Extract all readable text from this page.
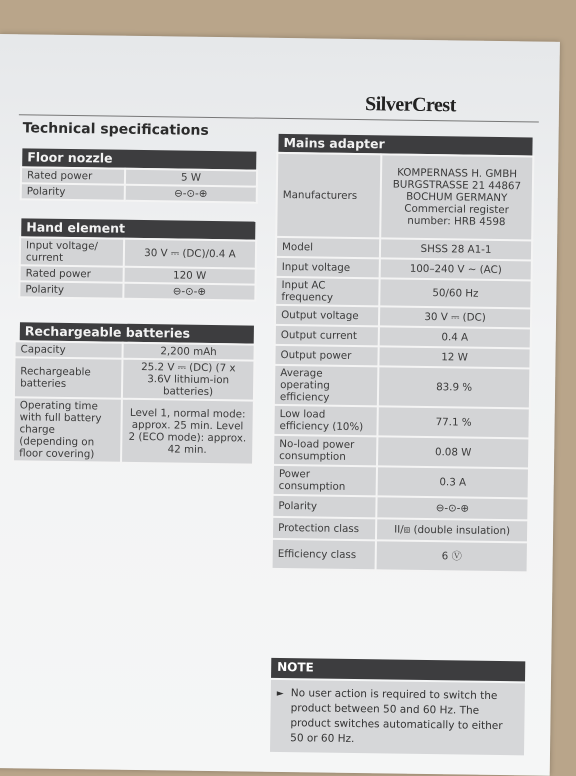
SilverCrest
Technical specifications
Floor nozzle
Rated power	5 W
Polarity	⊖-⊙-⊕
Hand element
Input voltage/ current	30 V ⎓ (DC)/0.4 A
Rated power	120 W
Polarity	⊖-⊙-⊕
Rechargeable batteries
Capacity	2,200 mAh
Rechargeable batteries	25.2 V ⎓ (DC) (7 x 3.6V lithium-ion batteries)
Operating time with full battery charge (depending on floor covering)	Level 1, normal mode: approx. 25 min. Level 2 (ECO mode): approx. 42 min.
Mains adapter
Manufacturers	KOMPERNASS H. GMBH BURGSTRASSE 21 44867 BOCHUM GERMANY Commercial register number: HRB 4598
Model	SHSS 28 A1-1
Input voltage	100–240 V ~ (AC)
Input AC frequency	50/60 Hz
Output voltage	30 V ⎓ (DC)
Output current	0.4 A
Output power	12 W
Average operating efficiency	83.9 %
Low load efficiency (10%)	77.1 %
No-load power consumption	0.08 W
Power consumption	0.3 A
Polarity	⊖-⊙-⊕
Protection class	II/⧈ (double insulation)
Efficiency class	6 Ⓥ
NOTE
► No user action is required to switch the product between 50 and 60 Hz. The product switches automatically to either 50 or 60 Hz.
